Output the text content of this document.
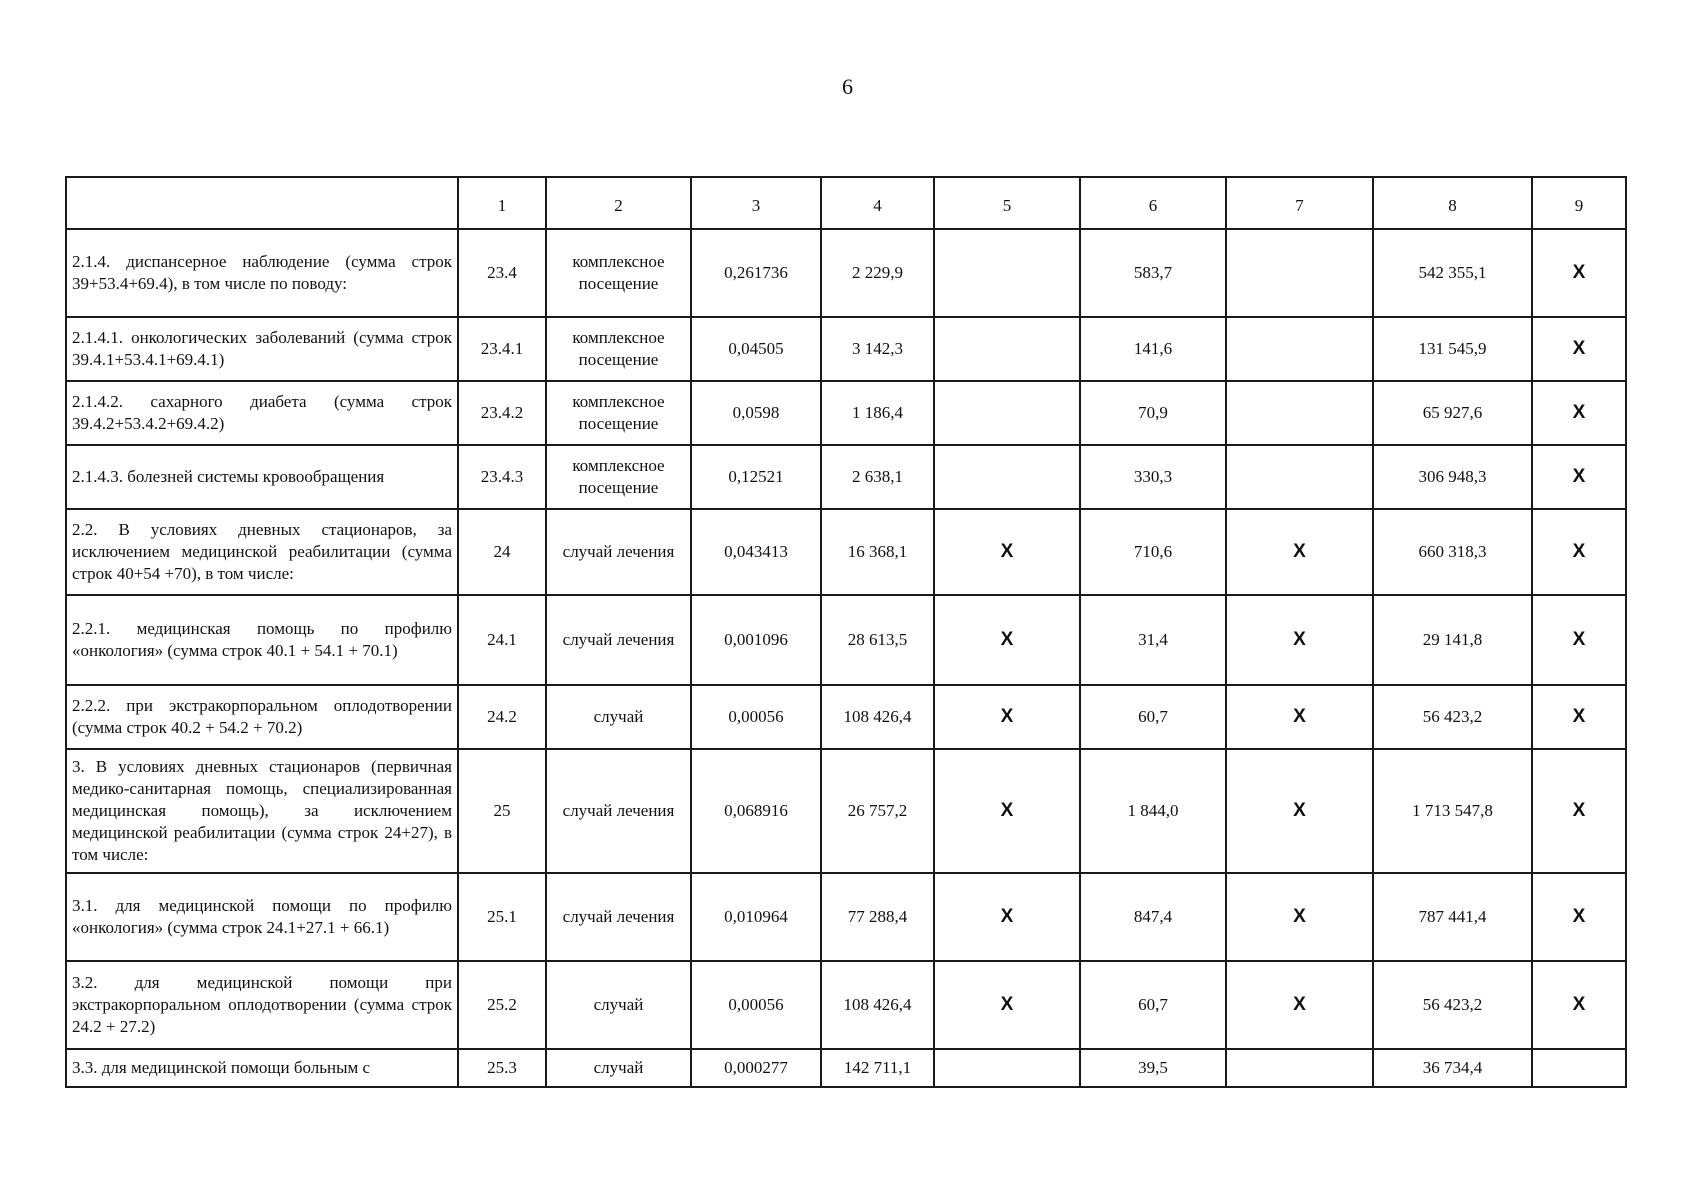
6
	1	2	3	4	5	6	7	8	9
2.1.4. диспансерное наблюдение (сумма строк 39+53.4+69.4), в том числе по поводу:	23.4	комплексное посещение	0,261736	2 229,9		583,7		542 355,1	X
2.1.4.1. онкологических заболеваний (сумма строк 39.4.1+53.4.1+69.4.1)	23.4.1	комплексное посещение	0,04505	3 142,3		141,6		131 545,9	X
2.1.4.2. сахарного диабета (сумма строк 39.4.2+53.4.2+69.4.2)	23.4.2	комплексное посещение	0,0598	1 186,4		70,9		65 927,6	X
2.1.4.3. болезней системы кровообращения	23.4.3	комплексное посещение	0,12521	2 638,1		330,3		306 948,3	X
2.2. В условиях дневных стационаров, за исключением медицинской реабилитации (сумма строк 40+54 +70), в том числе:	24	случай лечения	0,043413	16 368,1	X	710,6	X	660 318,3	X
2.2.1. медицинская помощь по профилю «онкология» (сумма строк 40.1 + 54.1 + 70.1)	24.1	случай лечения	0,001096	28 613,5	X	31,4	X	29 141,8	X
2.2.2. при экстракорпоральном оплодотворении (сумма строк 40.2 + 54.2 + 70.2)	24.2	случай	0,00056	108 426,4	X	60,7	X	56 423,2	X
3. В условиях дневных стационаров (первичная медико-санитарная помощь, специализированная медицинская помощь), за исключением медицинской реабилитации (сумма строк 24+27), в том числе:	25	случай лечения	0,068916	26 757,2	X	1 844,0	X	1 713 547,8	X
3.1. для медицинской помощи по профилю «онкология» (сумма строк 24.1+27.1 + 66.1)	25.1	случай лечения	0,010964	77 288,4	X	847,4	X	787 441,4	X
3.2. для медицинской помощи при экстракорпоральном оплодотворении (сумма строк 24.2 + 27.2)	25.2	случай	0,00056	108 426,4	X	60,7	X	56 423,2	X
3.3. для медицинской помощи больным с	25.3	случай	0,000277	142 711,1		39,5		36 734,4	
